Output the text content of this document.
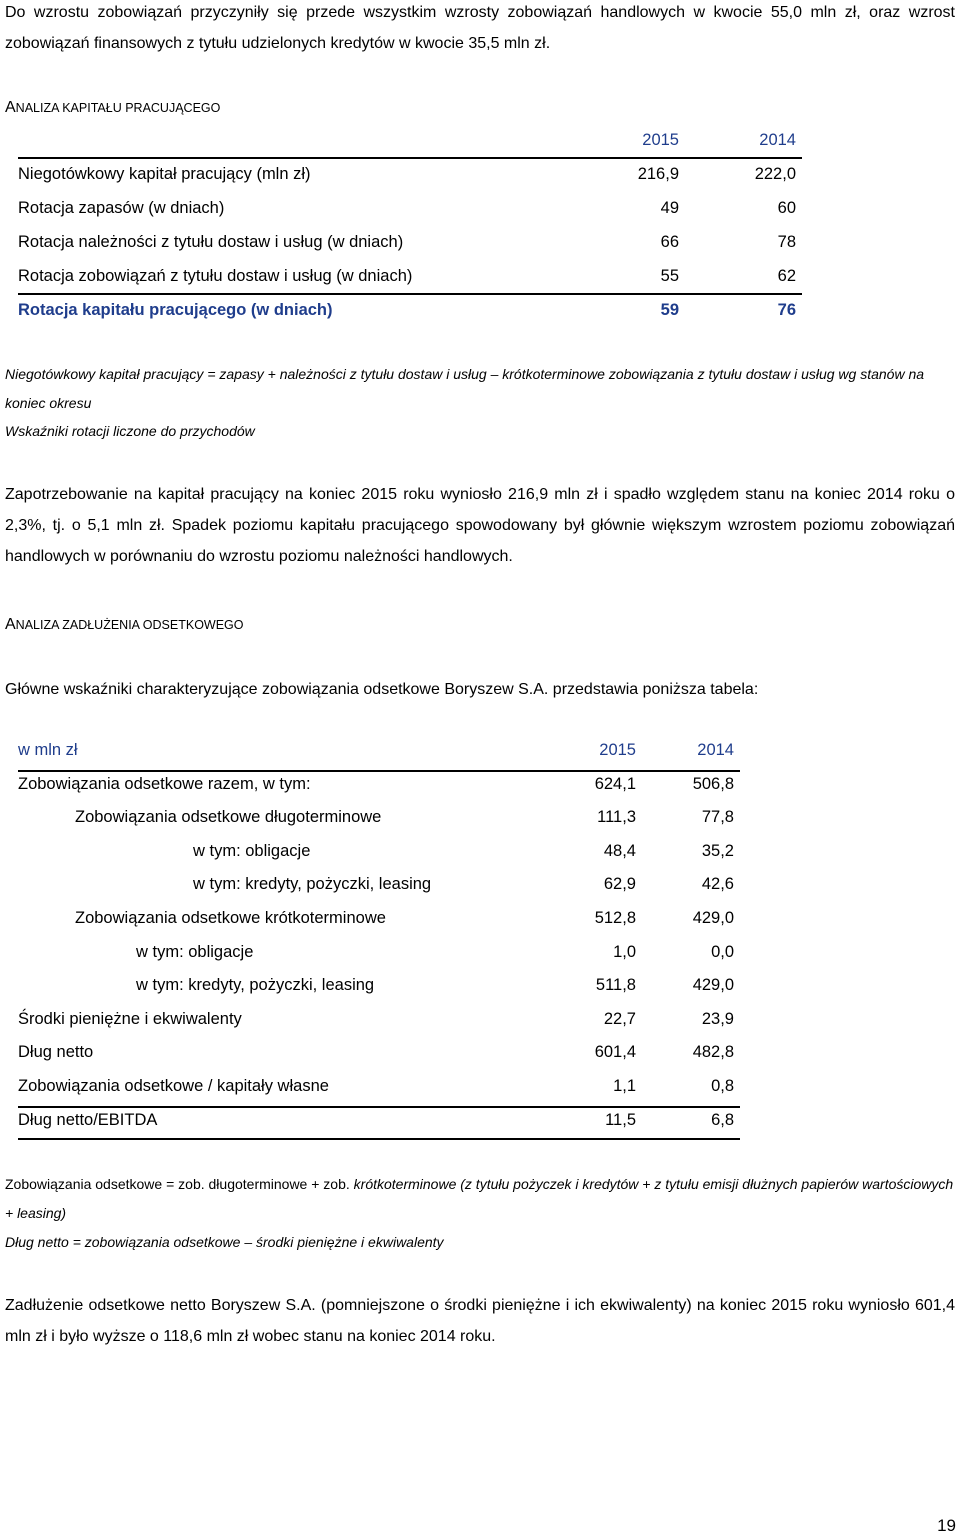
Do wzrostu zobowiązań przyczyniły się przede wszystkim wzrosty zobowiązań handlowych w kwocie 55,0 mln zł, oraz wzrost zobowiązań finansowych z tytułu udzielonych kredytów w kwocie 35,5 mln zł.

ANALIZA KAPITAŁU PRACUJĄCEGO
2015	2014
Niegotówkowy kapitał pracujący (mln zł)	216,9	222,0
Rotacja zapasów (w dniach)	49	60
Rotacja należności z tytułu dostaw i usług (w dniach)	66	78
Rotacja zobowiązań z tytułu dostaw i usług (w dniach)	55	62
Rotacja kapitału pracującego (w dniach)	59	76

Niegotówkowy kapitał pracujący = zapasy + należności z tytułu dostaw i usług – krótkoterminowe zobowiązania z tytułu dostaw i usług wg stanów na koniec okresu

Wskaźniki rotacji liczone do przychodów

Zapotrzebowanie na kapitał pracujący na koniec 2015 roku wyniosło 216,9 mln zł i spadło względem stanu na koniec 2014 roku o 2,3%, tj. o 5,1 mln zł. Spadek poziomu kapitału pracującego spowodowany był głównie większym wzrostem poziomu zobowiązań handlowych w porównaniu do wzrostu poziomu należności handlowych.

ANALIZA ZADŁUŻENIA ODSETKOWEGO

Główne wskaźniki charakteryzujące zobowiązania odsetkowe Boryszew S.A. przedstawia poniższa tabela:

w mln zł	2015	2014
Zobowiązania odsetkowe razem, w tym:	624,1	506,8
Zobowiązania odsetkowe długoterminowe	111,3	77,8
w tym: obligacje	48,4	35,2
w tym: kredyty, pożyczki, leasing	62,9	42,6
Zobowiązania odsetkowe krótkoterminowe	512,8	429,0
w tym: obligacje	1,0	0,0
w tym: kredyty, pożyczki, leasing	511,8	429,0
Środki pieniężne i ekwiwalenty	22,7	23,9
Dług netto	601,4	482,8
Zobowiązania odsetkowe / kapitały własne	1,1	0,8
Dług netto/EBITDA	11,5	6,8

Zobowiązania odsetkowe = zob. długoterminowe + zob. krótkoterminowe (z tytułu pożyczek i kredytów + z tytułu emisji dłużnych papierów wartościowych + leasing)

Dług netto = zobowiązania odsetkowe – środki pieniężne i ekwiwalenty

Zadłużenie odsetkowe netto Boryszew S.A. (pomniejszone o środki pieniężne i ich ekwiwalenty) na koniec 2015 roku wyniosło 601,4 mln zł i było wyższe o 118,6 mln zł wobec stanu na koniec 2014 roku.

19
